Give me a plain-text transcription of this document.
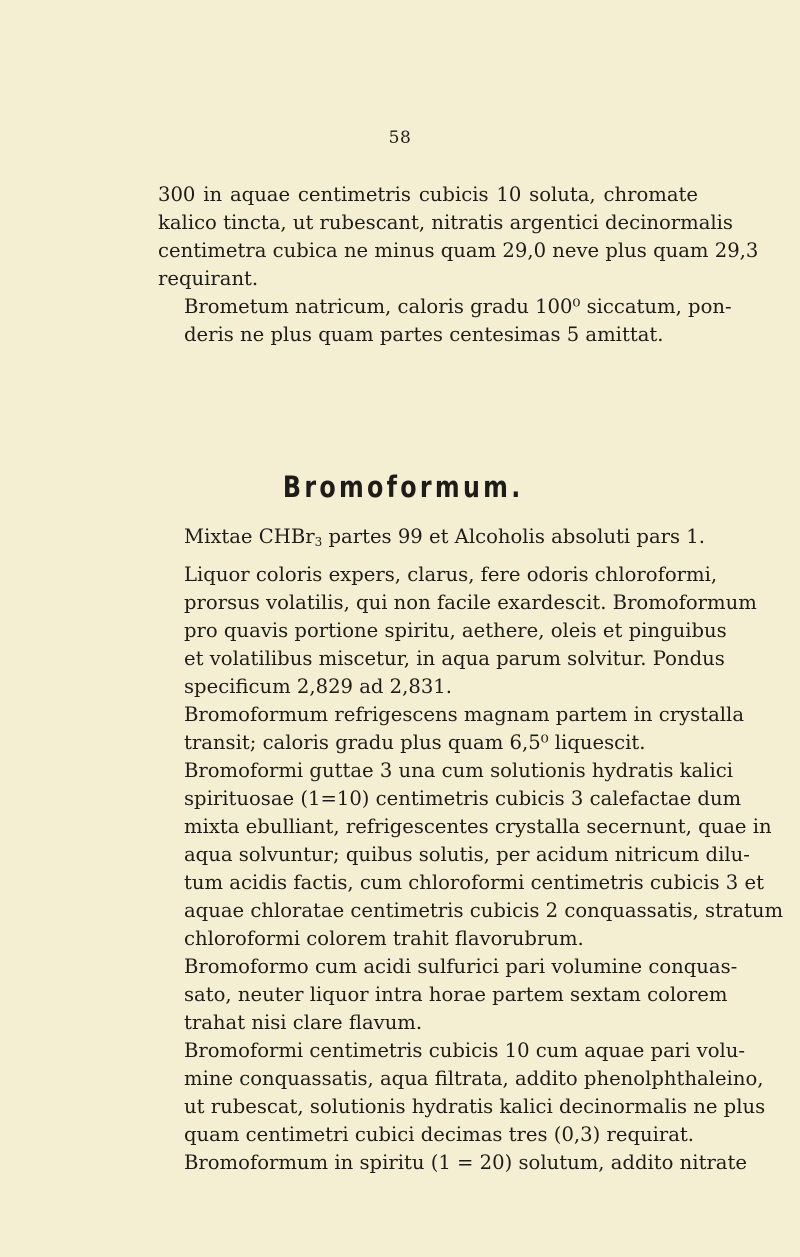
58

300 in aquae centimetris cubicis 10 soluta, chromate
kalico tincta, ut rubescant, nitratis argentici decinormalis
centimetra cubica ne minus quam 29,0 neve plus quam 29,3
requirant.

Brometum natricum, caloris gradu 100⁰ siccatum, pon-
deris ne plus quam partes centesimas 5 amittat.

Bromoformum.
Mixtae CHBr$_3$ partes 99 et Alcoholis absoluti pars 1.

Liquor coloris expers, clarus, fere odoris chloroformi,
prorsus volatilis, qui non facile exardescit. Bromoformum
pro quavis portione spiritu, aethere, oleis et pinguibus
et volatilibus miscetur, in aqua parum solvitur. Pondus
specificum 2,829 ad 2,831.

Bromoformum refrigescens magnam partem in crystalla
transit; caloris gradu plus quam 6,5⁰ liquescit.

Bromoformi guttae 3 una cum solutionis hydratis kalici
spirituosae (1=10) centimetris cubicis 3 calefactae dum
mixta ebulliant, refrigescentes crystalla secernunt, quae in
aqua solvuntur; quibus solutis, per acidum nitricum dilu-
tum acidis factis, cum chloroformi centimetris cubicis 3 et
aquae chloratae centimetris cubicis 2 conquassatis, stratum
chloroformi colorem trahit flavorubrum.

Bromoformo cum acidi sulfurici pari volumine conquas-
sato, neuter liquor intra horae partem sextam colorem
trahat nisi clare flavum.

Bromoformi centimetris cubicis 10 cum aquae pari volu-
mine conquassatis, aqua filtrata, addito phenolphthaleino,
ut rubescat, solutionis hydratis kalici decinormalis ne plus
quam centimetri cubici decimas tres (0,3) requirat.

Bromoformum in spiritu (1 = 20) solutum, addito nitrate
